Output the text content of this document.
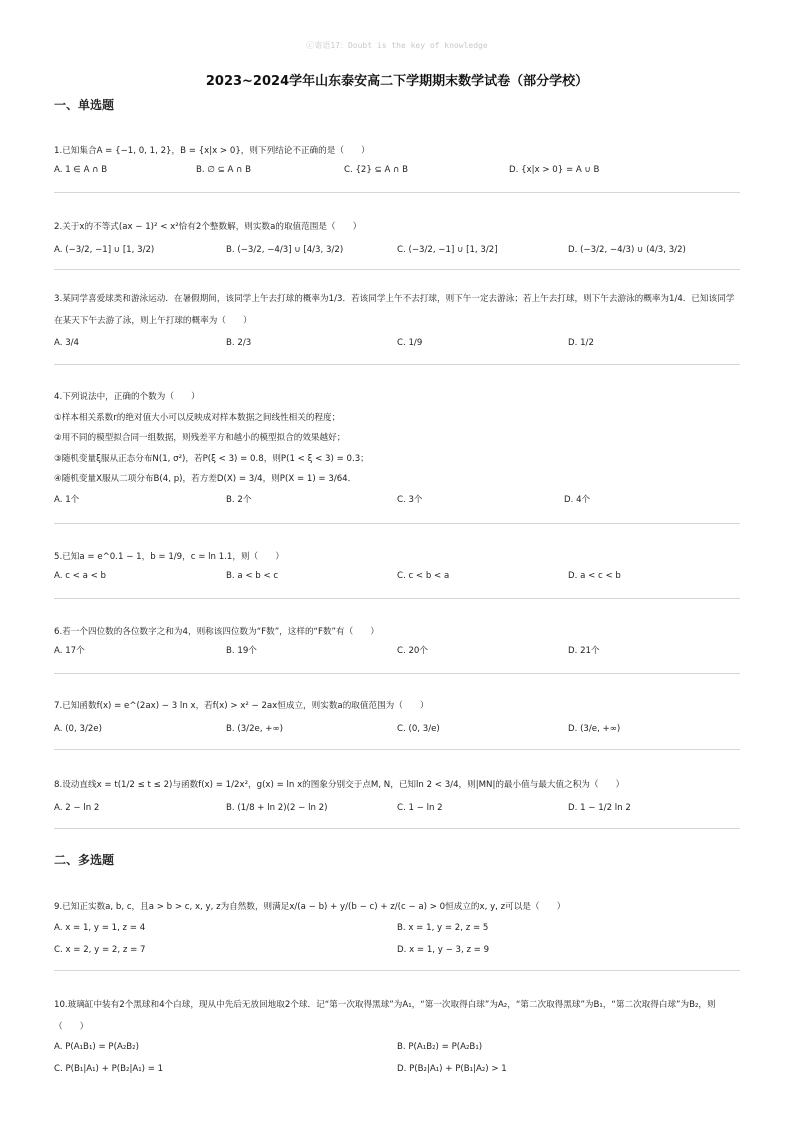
ⓒ寄语17：Doubt is the key of knowledge
2023~2024学年山东泰安高二下学期期末数学试卷（部分学校）
一、单选题
1.已知集合A = {−1, 0, 1, 2}，B = {x|x > 0}，则下列结论不正确的是（　　）
A. 1 ∈ A ∩ B	B. ∅ ⊆ A ∩ B	C. {2} ⊆ A ∩ B	D. {x|x > 0} = A ∪ B
2.关于x的不等式(ax − 1)² < x²恰有2个整数解，则实数a的取值范围是（　　）
A. (−3/2, −1] ∪ [1, 3/2)	B. (−3/2, −4/3] ∪ [4/3, 3/2)	C. (−3/2, −1] ∪ [1, 3/2]	D. (−3/2, −4/3) ∪ (4/3, 3/2)
3.某同学喜爱球类和游泳运动．在暑假期间，该同学上午去打球的概率为1/3．若该同学上午不去打球，则下午一定去游泳；若上午去打球，则下午去游泳的概率为1/4．已知该同学在某天下午去游了泳，则上午打球的概率为（　　）
A. 3/4	B. 2/3	C. 1/9	D. 1/2
4.下列说法中，正确的个数为（　　）
①样本相关系数r的绝对值大小可以反映成对样本数据之间线性相关的程度；
②用不同的模型拟合同一组数据，则残差平方和越小的模型拟合的效果越好；
③随机变量ξ服从正态分布N(1, σ²)，若P(ξ < 3) = 0.8，则P(1 < ξ < 3) = 0.3；
④随机变量X服从二项分布B(4, p)，若方差D(X) = 3/4，则P(X = 1) = 3/64．
A. 1个	B. 2个	C. 3个	D. 4个
5.已知a = e^0.1 − 1，b = 1/9，c = ln 1.1，则（　　）
A. c < a < b	B. a < b < c	C. c < b < a	D. a < c < b
6.若一个四位数的各位数字之和为4，则称该四位数为“F数”，这样的“F数”有（　　）
A. 17个	B. 19个	C. 20个	D. 21个
7.已知函数f(x) = e^(2ax) − 3 ln x，若f(x) > x² − 2ax恒成立，则实数a的取值范围为（　　）
A. (0, 3/2e)	B. (3/2e, +∞)	C. (0, 3/e)	D. (3/e, +∞)
8.设动直线x = t(1/2 ≤ t ≤ 2)与函数f(x) = 1/2x²，g(x) = ln x的图象分别交于点M, N，已知ln 2 < 3/4，则|MN|的最小值与最大值之积为（　　）
A. 2 − ln 2	B. (1/8 + ln 2)(2 − ln 2)	C. 1 − ln 2	D. 1 − 1/2 ln 2
二、多选题
9.已知正实数a, b, c，且a > b > c, x, y, z为自然数，则满足x/(a − b) + y/(b − c) + z/(c − a) > 0恒成立的x, y, z可以是（　　）
A. x = 1, y = 1, z = 4	B. x = 1, y = 2, z = 5
C. x = 2, y = 2, z = 7	D. x = 1, y − 3, z = 9
10.玻璃缸中装有2个黑球和4个白球，现从中先后无放回地取2个球．记“第一次取得黑球”为A₁，“第一次取得白球”为A₂，“第二次取得黑球”为B₁，“第二次取得白球”为B₂，则（　　）
A. P(A₁B₁) = P(A₂B₂)	B. P(A₁B₂) = P(A₂B₁)
C. P(B₁|A₁) + P(B₂|A₁) = 1	D. P(B₂|A₁) + P(B₁|A₂) > 1
